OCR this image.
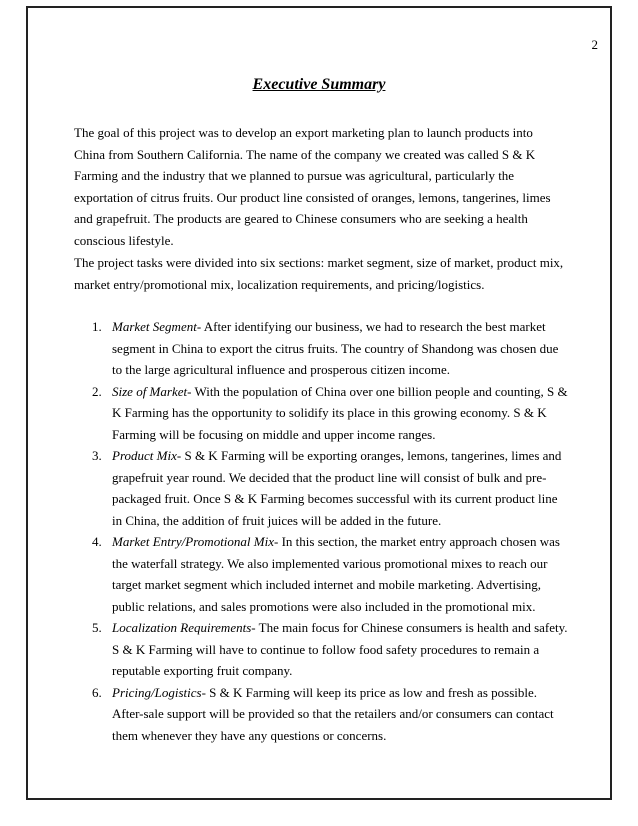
2
Executive Summary

The goal of this project was to develop an export marketing plan to launch products into China from Southern California. The name of the company we created was called S & K Farming and the industry that we planned to pursue was agricultural, particularly the exportation of citrus fruits. Our product line consisted of oranges, lemons, tangerines, limes and grapefruit. The products are geared to Chinese consumers who are seeking a health conscious lifestyle.

The project tasks were divided into six sections: market segment, size of market, product mix, market entry/promotional mix, localization requirements, and pricing/logistics.

1. Market Segment- After identifying our business, we had to research the best market segment in China to export the citrus fruits. The country of Shandong was chosen due to the large agricultural influence and prosperous citizen income.
2. Size of Market- With the population of China over one billion people and counting, S & K Farming has the opportunity to solidify its place in this growing economy. S & K Farming will be focusing on middle and upper income ranges.
3. Product Mix- S & K Farming will be exporting oranges, lemons, tangerines, limes and grapefruit year round. We decided that the product line will consist of bulk and pre-packaged fruit. Once S & K Farming becomes successful with its current product line in China, the addition of fruit juices will be added in the future.
4. Market Entry/Promotional Mix- In this section, the market entry approach chosen was the waterfall strategy. We also implemented various promotional mixes to reach our target market segment which included internet and mobile marketing. Advertising, public relations, and sales promotions were also included in the promotional mix.
5. Localization Requirements- The main focus for Chinese consumers is health and safety. S & K Farming will have to continue to follow food safety procedures to remain a reputable exporting fruit company.
6. Pricing/Logistics- S & K Farming will keep its price as low and fresh as possible. After-sale support will be provided so that the retailers and/or consumers can contact them whenever they have any questions or concerns.
